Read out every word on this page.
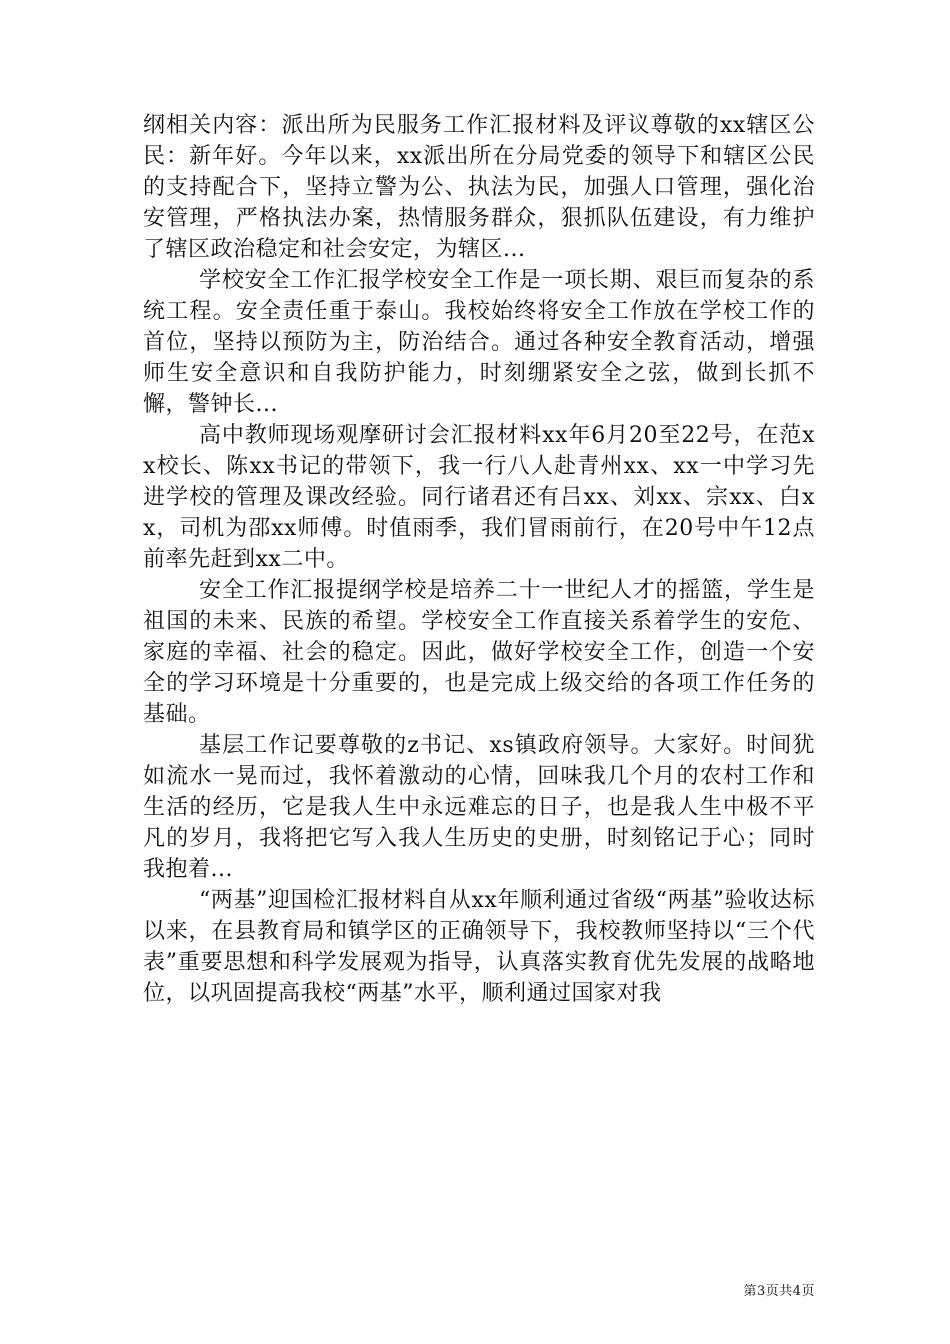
纲相关内容：派出所为民服务工作汇报材料及评议尊敬的xx辖区公民：新年好。今年以来，xx派出所在分局党委的领导下和辖区公民的支持配合下，坚持立警为公、执法为民，加强人口管理，强化治安管理，严格执法办案，热情服务群众，狠抓队伍建设，有力维护了辖区政治稳定和社会安定，为辖区...

学校安全工作汇报学校安全工作是一项长期、艰巨而复杂的系统工程。安全责任重于泰山。我校始终将安全工作放在学校工作的首位，坚持以预防为主，防治结合。通过各种安全教育活动，增强师生安全意识和自我防护能力，时刻绷紧安全之弦，做到长抓不懈，警钟长...

高中教师现场观摩研讨会汇报材料xx年6月20至22号，在范xx校长、陈xx书记的带领下，我一行八人赴青州xx、xx一中学习先进学校的管理及课改经验。同行诸君还有吕xx、刘xx、宗xx、白xx，司机为邵xx师傅。时值雨季，我们冒雨前行，在20号中午12点前率先赶到xx二中。

安全工作汇报提纲学校是培养二十一世纪人才的摇篮，学生是祖国的未来、民族的希望。学校安全工作直接关系着学生的安危、家庭的幸福、社会的稳定。因此，做好学校安全工作，创造一个安全的学习环境是十分重要的，也是完成上级交给的各项工作任务的基础。

基层工作记要尊敬的z书记、xs镇政府领导。大家好。时间犹如流水一晃而过，我怀着激动的心情，回味我几个月的农村工作和生活的经历，它是我人生中永远难忘的日子，也是我人生中极不平凡的岁月，我将把它写入我人生历史的史册，时刻铭记于心；同时我抱着...

“两基”迎国检汇报材料自从xx年顺利通过省级“两基”验收达标以来，在县教育局和镇学区的正确领导下，我校教师坚持以“三个代表”重要思想和科学发展观为指导，认真落实教育优先发展的战略地位，以巩固提高我校“两基”水平，顺利通过国家对我

第3页共4页
